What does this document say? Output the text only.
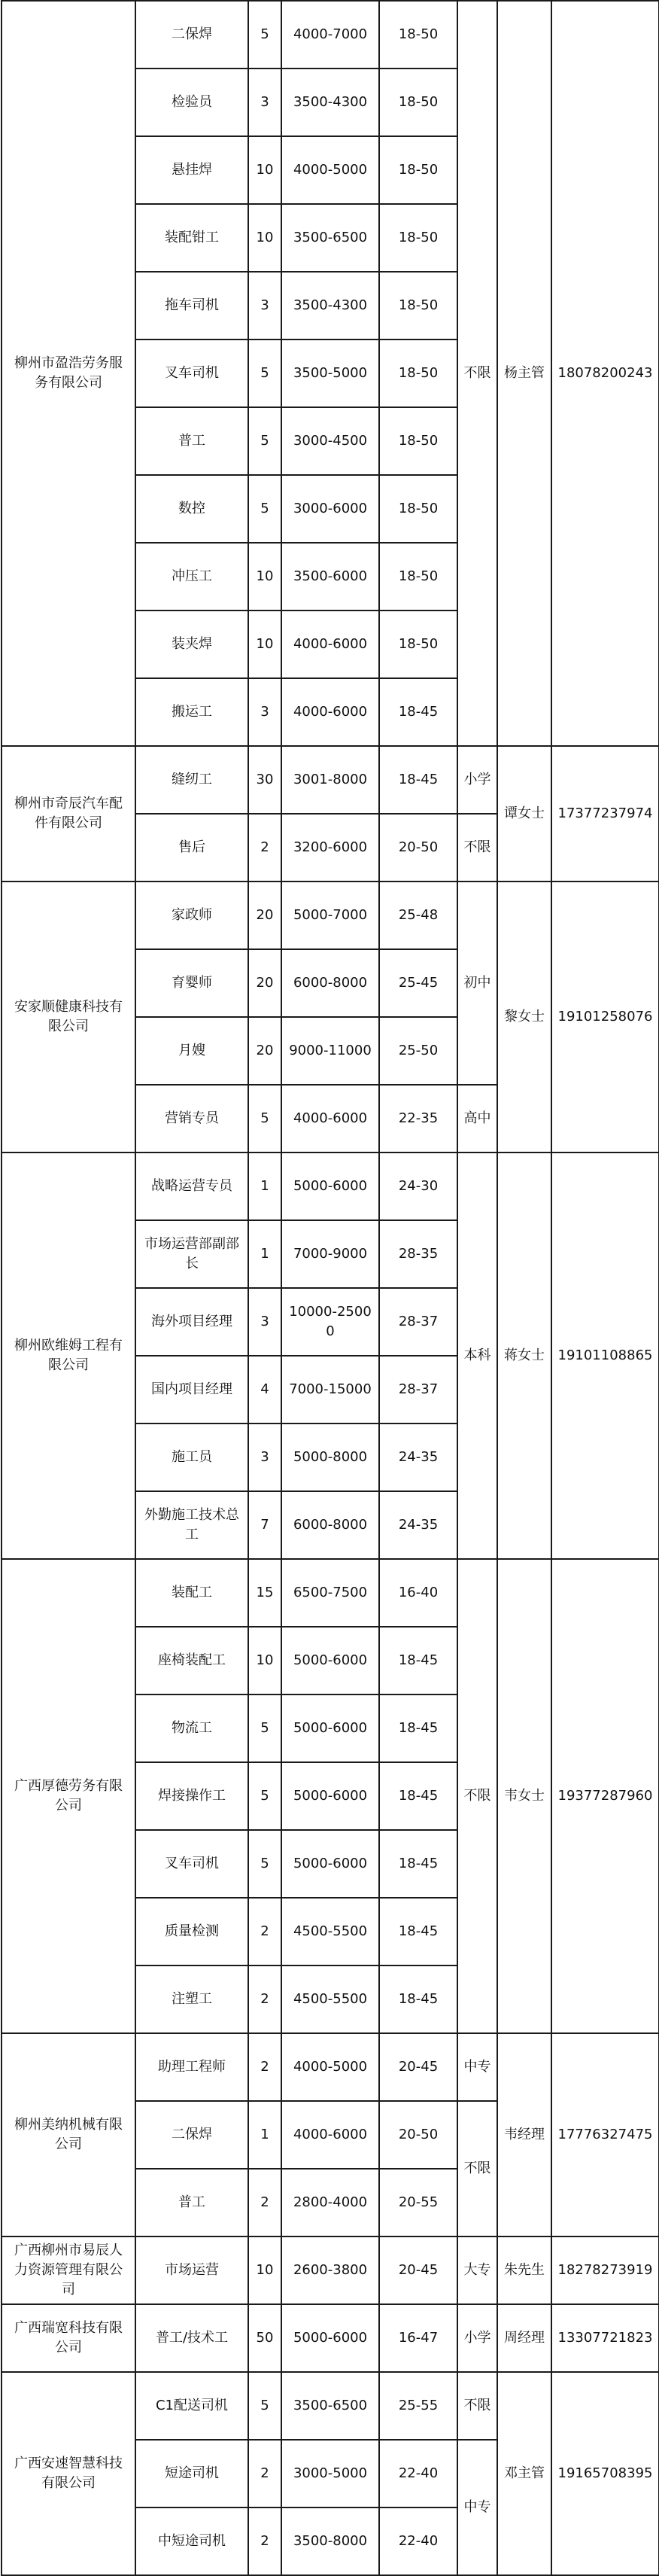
柳州市盈浩劳务服务有限公司	二保焊	5	4000-7000	18-50	不限	杨主管	18078200243
	检验员	3	3500-4300	18-50			
	悬挂焊	10	4000-5000	18-50			
	装配钳工	10	3500-6500	18-50			
	拖车司机	3	3500-4300	18-50			
	叉车司机	5	3500-5000	18-50			
	普工	5	3000-4500	18-50			
	数控	5	3000-6000	18-50			
	冲压工	10	3500-6000	18-50			
	装夹焊	10	4000-6000	18-50			
	搬运工	3	4000-6000	18-45			
柳州市奇辰汽车配件有限公司	缝纫工	30	3001-8000	18-45	小学	谭女士	17377237974
	售后	2	3200-6000	20-50	不限		
安家顺健康科技有限公司	家政师	20	5000-7000	25-48	初中	黎女士	19101258076
	育婴师	20	6000-8000	25-45			
	月嫂	20	9000-11000	25-50			
	营销专员	5	4000-6000	22-35	高中		
柳州欧维姆工程有限公司	战略运营专员	1	5000-6000	24-30	本科	蒋女士	19101108865
	市场运营部副部长	1	7000-9000	28-35			
	海外项目经理	3	10000-25000	28-37			
	国内项目经理	4	7000-15000	28-37			
	施工员	3	5000-8000	24-35			
	外勤施工技术总工	7	6000-8000	24-35			
广西厚德劳务有限公司	装配工	15	6500-7500	16-40	不限	韦女士	19377287960
	座椅装配工	10	5000-6000	18-45			
	物流工	5	5000-6000	18-45			
	焊接操作工	5	5000-6000	18-45			
	叉车司机	5	5000-6000	18-45			
	质量检测	2	4500-5500	18-45			
	注塑工	2	4500-5500	18-45			
柳州美纳机械有限公司	助理工程师	2	4000-5000	20-45	中专	韦经理	17776327475
	二保焊	1	4000-6000	20-50	不限		
	普工	2	2800-4000	20-55			
广西柳州市易辰人力资源管理有限公司	市场运营	10	2600-3800	20-45	大专	朱先生	18278273919
广西瑞宽科技有限公司	普工/技术工	50	5000-6000	16-47	小学	周经理	13307721823
广西安速智慧科技有限公司	C1配送司机	5	3500-6500	25-55	不限	邓主管	19165708395
	短途司机	2	3000-5000	22-40	中专		
	中短途司机	2	3500-8000	22-40			
